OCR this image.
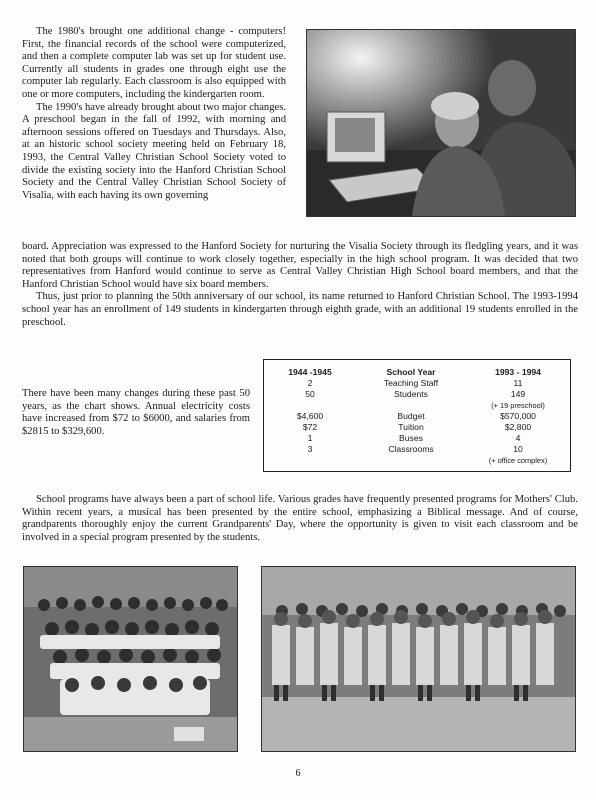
The 1980's brought one additional change - computers! First, the financial records of the school were computerized, and then a complete computer lab was set up for student use. Currently all students in grades one through eight use the computer lab regularly. Each classroom is also equipped with one or more computers, including the kindergarten room.

The 1990's have already brought about two major changes. A preschool began in the fall of 1992, with morning and afternoon sessions offered on Tuesdays and Thursdays. Also, at an historic school society meeting held on February 18, 1993, the Central Valley Christian School Society voted to divide the existing society into the Hanford Christian School Society and the Central Valley Christian School Society of Visalia, with each having its own governing

board. Appreciation was expressed to the Hanford Society for nurturing the Visalia Society through its fledgling years, and it was noted that both groups will continue to work closely together, especially in the high school program. It was decided that two representatives from Hanford would continue to serve as Central Valley Christian High School board members, and that the Hanford Christian School would have six board members.

Thus, just prior to planning the 50th anniversary of our school, its name returned to Hanford Christian School. The 1993-1994 school year has an enrollment of 149 students in kindergarten through eighth grade, with an additional 19 students enrolled in the preschool.

There have been many changes during these past 50 years, as the chart shows. Annual electricity costs have increased from $72 to $6000, and salaries from $2815 to $329,600.

1944 -1945	School Year	1993 - 1994
2	Teaching Staff	11
50	Students	149
		(+ 19 preschool)
$4,600	Budget	$570,000
$72	Tuition	$2,800
1	Buses	4
3	Classrooms	10
		(+ office complex)

School programs have always been a part of school life. Various grades have frequently presented programs for Mothers' Club. Within recent years, a musical has been presented by the entire school, emphasizing a Biblical message. And of course, grandparents thoroughly enjoy the current Grandparents' Day, where the opportunity is given to visit each classroom and be involved in a special program presented by the students.

6
